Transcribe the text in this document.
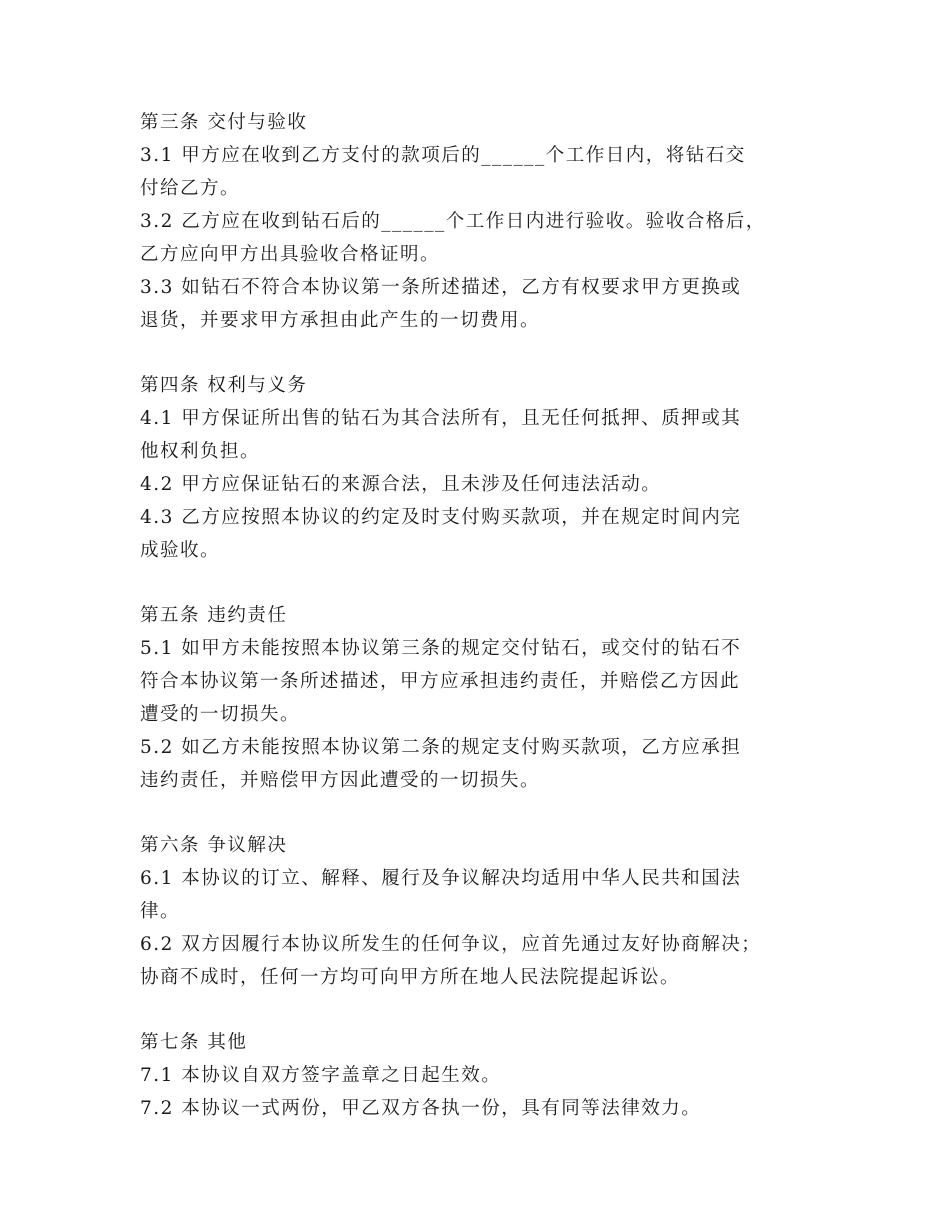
第三条 交付与验收
3.1 甲方应在收到乙方支付的款项后的______个工作日内，将钻石交
付给乙方。
3.2 乙方应在收到钻石后的______个工作日内进行验收。验收合格后，
乙方应向甲方出具验收合格证明。
3.3 如钻石不符合本协议第一条所述描述，乙方有权要求甲方更换或
退货，并要求甲方承担由此产生的一切费用。
第四条 权利与义务
4.1 甲方保证所出售的钻石为其合法所有，且无任何抵押、质押或其
他权利负担。
4.2 甲方应保证钻石的来源合法，且未涉及任何违法活动。
4.3 乙方应按照本协议的约定及时支付购买款项，并在规定时间内完
成验收。
第五条 违约责任
5.1 如甲方未能按照本协议第三条的规定交付钻石，或交付的钻石不
符合本协议第一条所述描述，甲方应承担违约责任，并赔偿乙方因此
遭受的一切损失。
5.2 如乙方未能按照本协议第二条的规定支付购买款项，乙方应承担
违约责任，并赔偿甲方因此遭受的一切损失。
第六条 争议解决
6.1 本协议的订立、解释、履行及争议解决均适用中华人民共和国法
律。
6.2 双方因履行本协议所发生的任何争议，应首先通过友好协商解决；
协商不成时，任何一方均可向甲方所在地人民法院提起诉讼。
第七条 其他
7.1 本协议自双方签字盖章之日起生效。
7.2 本协议一式两份，甲乙双方各执一份，具有同等法律效力。
